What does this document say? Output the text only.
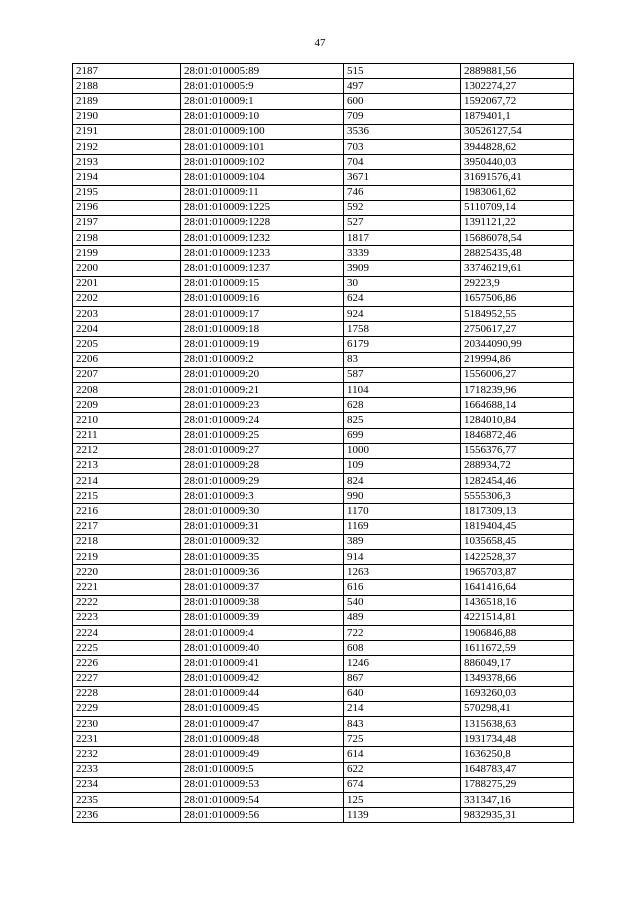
47
2187	28:01:010005:89	515	2889881,56
2188	28:01:010005:9	497	1302274,27
2189	28:01:010009:1	600	1592067,72
2190	28:01:010009:10	709	1879401,1
2191	28:01:010009:100	3536	30526127,54
2192	28:01:010009:101	703	3944828,62
2193	28:01:010009:102	704	3950440,03
2194	28:01:010009:104	3671	31691576,41
2195	28:01:010009:11	746	1983061,62
2196	28:01:010009:1225	592	5110709,14
2197	28:01:010009:1228	527	1391121,22
2198	28:01:010009:1232	1817	15686078,54
2199	28:01:010009:1233	3339	28825435,48
2200	28:01:010009:1237	3909	33746219,61
2201	28:01:010009:15	30	29223,9
2202	28:01:010009:16	624	1657506,86
2203	28:01:010009:17	924	5184952,55
2204	28:01:010009:18	1758	2750617,27
2205	28:01:010009:19	6179	20344090,99
2206	28:01:010009:2	83	219994,86
2207	28:01:010009:20	587	1556006,27
2208	28:01:010009:21	1104	1718239,96
2209	28:01:010009:23	628	1664688,14
2210	28:01:010009:24	825	1284010,84
2211	28:01:010009:25	699	1846872,46
2212	28:01:010009:27	1000	1556376,77
2213	28:01:010009:28	109	288934,72
2214	28:01:010009:29	824	1282454,46
2215	28:01:010009:3	990	5555306,3
2216	28:01:010009:30	1170	1817309,13
2217	28:01:010009:31	1169	1819404,45
2218	28:01:010009:32	389	1035658,45
2219	28:01:010009:35	914	1422528,37
2220	28:01:010009:36	1263	1965703,87
2221	28:01:010009:37	616	1641416,64
2222	28:01:010009:38	540	1436518,16
2223	28:01:010009:39	489	4221514,81
2224	28:01:010009:4	722	1906846,88
2225	28:01:010009:40	608	1611672,59
2226	28:01:010009:41	1246	886049,17
2227	28:01:010009:42	867	1349378,66
2228	28:01:010009:44	640	1693260,03
2229	28:01:010009:45	214	570298,41
2230	28:01:010009:47	843	1315638,63
2231	28:01:010009:48	725	1931734,48
2232	28:01:010009:49	614	1636250,8
2233	28:01:010009:5	622	1648783,47
2234	28:01:010009:53	674	1788275,29
2235	28:01:010009:54	125	331347,16
2236	28:01:010009:56	1139	9832935,31
